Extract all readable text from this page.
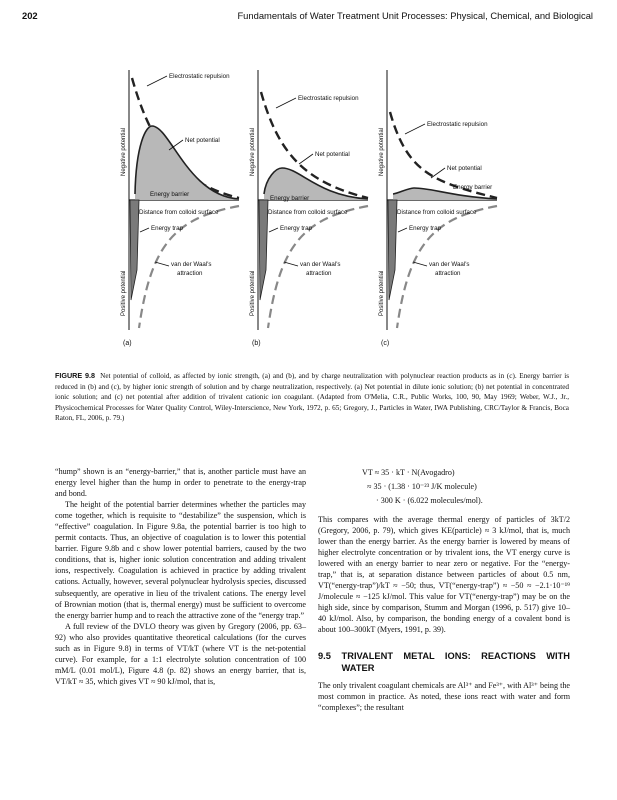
202	Fundamentals of Water Treatment Unit Processes: Physical, Chemical, and Biological
Electrostatic repulsion
Net potential
Energy barrier
Distance from colloid surface
Energy trap
van der Waal's
attraction
Negative potential
Positive potential
(a)
Electrostatic repulsion
Net potential
Energy barrier
Distance from colloid surface
Energy trap
van der Waal's
attraction
Negative potential
Positive potential
(b)
Electrostatic repulsion
Net potential
Energy barrier
Distance from colloid surface
Energy trap
van der Waal's
attraction
Negative potential
Positive potential
(c)
FIGURE 9.8 Net potential of colloid, as affected by ionic strength, (a) and (b), and by charge neutralization with polynuclear reaction products as in (c). Energy barrier is reduced in (b) and (c), by higher ionic strength of solution and by charge neutralization, respectively. (a) Net potential in dilute ionic solution; (b) net potential in concentrated ionic solution; and (c) net potential after addition of trivalent cationic ion coagulant. (Adapted from O'Melia, C.R., Public Works, 100, 90, May 1969; Weber, W.J., Jr., Physicochemical Processes for Water Quality Control, Wiley-Interscience, New York, 1972, p. 65; Gregory, J., Particles in Water, IWA Publishing, CRC/Taylor & Francis, Boca Raton, FL, 2006, p. 79.)

“hump” shown is an “energy-barrier,” that is, another particle must have an energy level higher than the hump in order to penetrate to the energy-trap and bond.

The height of the potential barrier determines whether the particles may come together, which is requisite to “destabilize” the suspension, which is “effective” coagulation. In Figure 9.8a, the potential barrier is too high to permit contacts. Thus, an objective of coagulation is to lower this potential barrier. Figure 9.8b and c show lower potential barriers, caused by the two conditions, that is, higher ionic solution concentration and adding trivalent ions, respectively. Coagulation is achieved in practice by adding trivalent cations. Actually, however, several polynuclear hydrolysis species, discussed subsequently, are operative in lieu of the trivalent cations. The energy level of Brownian motion (that is, thermal energy) must be sufficient to overcome the energy barrier hump and to reach the attractive zone of the “energy trap.”

A full review of the DVLO theory was given by Gregory (2006, pp. 63–92) who also provides quantitative theoretical calculations (for the curves such as in Figure 9.8) in terms of VT/kT (where VT is the net-potential curve). For example, for a 1:1 electrolyte solution concentration of 100 mM/L (0.01 mol/L), Figure 4.8 (p. 82) shows an energy barrier, that is, VT/kT ≈ 35, which gives VT ≈ 90 kJ/mol, that is,

VT ≈ 35 · kT · N(Avogadro)
≈ 35 · (1.38 · 10⁻²³ J/K molecule)
· 300 K · (6.022 molecules/mol).

This compares with the average thermal energy of particles of 3kT/2 (Gregory, 2006, p. 79), which gives KE(particle) ≈ 3 kJ/mol, that is, much lower than the energy barrier. As the energy barrier is lowered by means of higher electrolyte concentration or by trivalent ions, the VT energy curve is lowered with an energy barrier to near zero or negative. For the “energy-trap,” that is, at separation distance between particles of about 0.5 nm, VT(“energy-trap”)/kT ≈ −50; thus, VT(“energy-trap”) ≈ −50 ≈ −2.1·10⁻¹⁹ J/molecule ≈ −125 kJ/mol. This value for VT(“energy-trap”) may be on the high side, since by comparison, Stumm and Morgan (1996, p. 517) give 10–40 kJ/mol. Also, by comparison, the bonding energy of a covalent bond is about 100–300kT (Myers, 1991, p. 39).

9.5	TRIVALENT METAL IONS: REACTIONS WITH WATER

The only trivalent coagulant chemicals are Al³⁺ and Fe³⁺, with Al³⁺ being the most common in practice. As noted, these ions react with water and form “complexes”; the resultant
